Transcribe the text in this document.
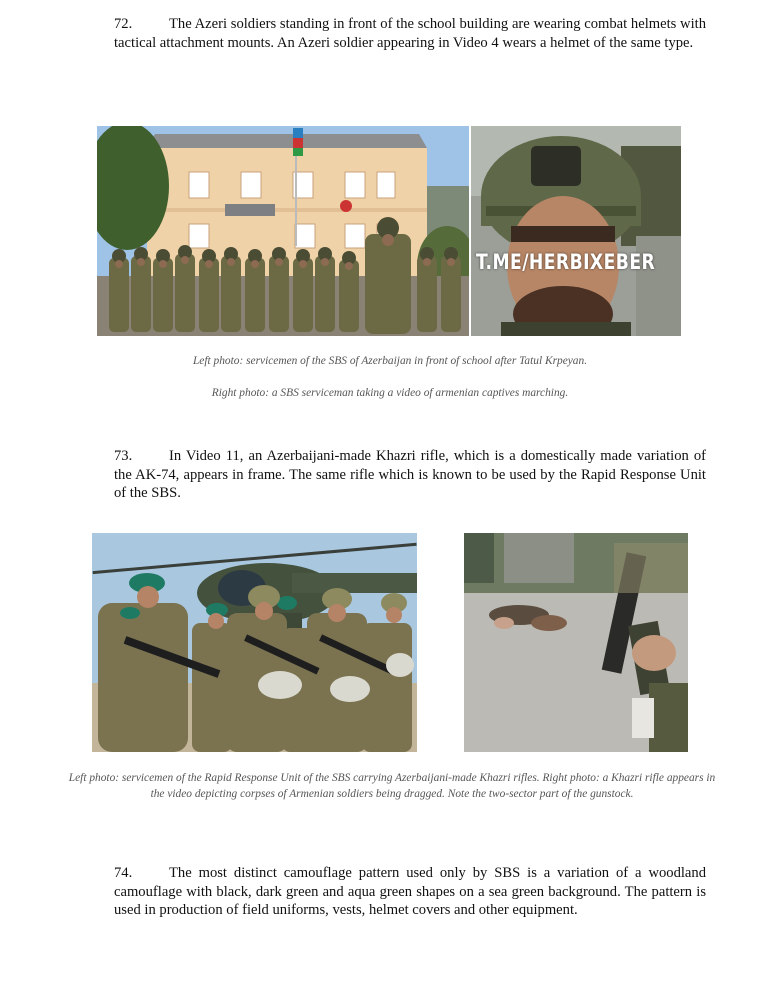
72.	The Azeri soldiers standing in front of the school building are wearing combat helmets with tactical attachment mounts. An Azeri soldier appearing in Video 4 wears a helmet of the same type.

T.ME/HERBIXEBER

Left photo: servicemen of the SBS of Azerbaijan in front of school after Tatul Krpeyan.

Right photo: a SBS serviceman taking a video of armenian captives marching.

73.	In Video 11, an Azerbaijani-made Khazri rifle, which is a domestically made variation of the AK-74, appears in frame. The same rifle which is known to be used by the Rapid Response Unit of the SBS.

Left photo: servicemen of the Rapid Response Unit of the SBS carrying Azerbaijani-made Khazri rifles. Right photo: a Khazri rifle appears in the video depicting corpses of Armenian soldiers being dragged. Note the two-sector part of the gunstock.

74.	The most distinct camouflage pattern used only by SBS is a variation of a woodland camouflage with black, dark green and aqua green shapes on a sea green background. The pattern is used in production of field uniforms, vests, helmet covers and other equipment.
